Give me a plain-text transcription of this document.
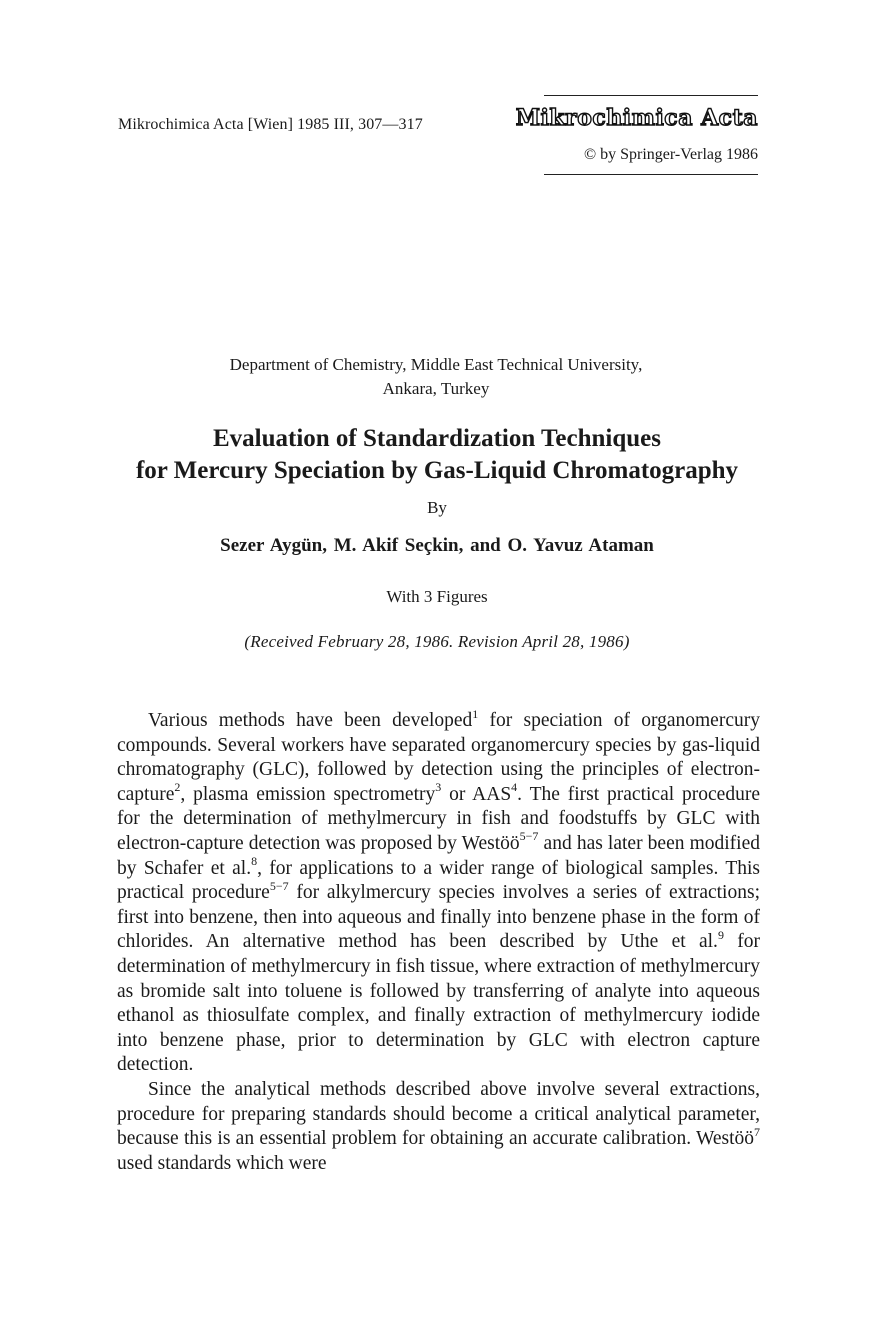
Mikrochimica Acta [Wien] 1985 III, 307—317	Mikrochimica Acta
© by Springer-Verlag 1986
Department of Chemistry, Middle East Technical University,
Ankara, Turkey
Evaluation of Standardization Techniques
for Mercury Speciation by Gas-Liquid Chromatography
By
Sezer Aygün, M. Akif Seçkin, and O. Yavuz Ataman
With 3 Figures
(Received February 28, 1986. Revision April 28, 1986)

Various methods have been developed$^1$ for speciation of organomercury compounds. Several workers have separated organomercury species by gas-liquid chromatography (GLC), followed by detection using the principles of electron-capture$^2$, plasma emission spectrometry$^3$ or AAS$^4$. The first practical procedure for the determination of methylmercury in fish and foodstuffs by GLC with electron-capture detection was proposed by Westöö$^{5-7}$ and has later been modified by Schafer et al.$^8$, for applications to a wider range of biological samples. This practical procedure$^{5-7}$ for alkylmercury species involves a series of extractions; first into benzene, then into aqueous and finally into benzene phase in the form of chlorides. An alternative method has been described by Uthe et al.$^9$ for determination of methylmercury in fish tissue, where extraction of methylmercury as bromide salt into toluene is followed by transferring of analyte into aqueous ethanol as thiosulfate complex, and finally extraction of methylmercury iodide into benzene phase, prior to determination by GLC with electron capture detection.

Since the analytical methods described above involve several extractions, procedure for preparing standards should become a critical analytical parameter, because this is an essential problem for obtaining an accurate calibration. Westöö$^7$ used standards which were
